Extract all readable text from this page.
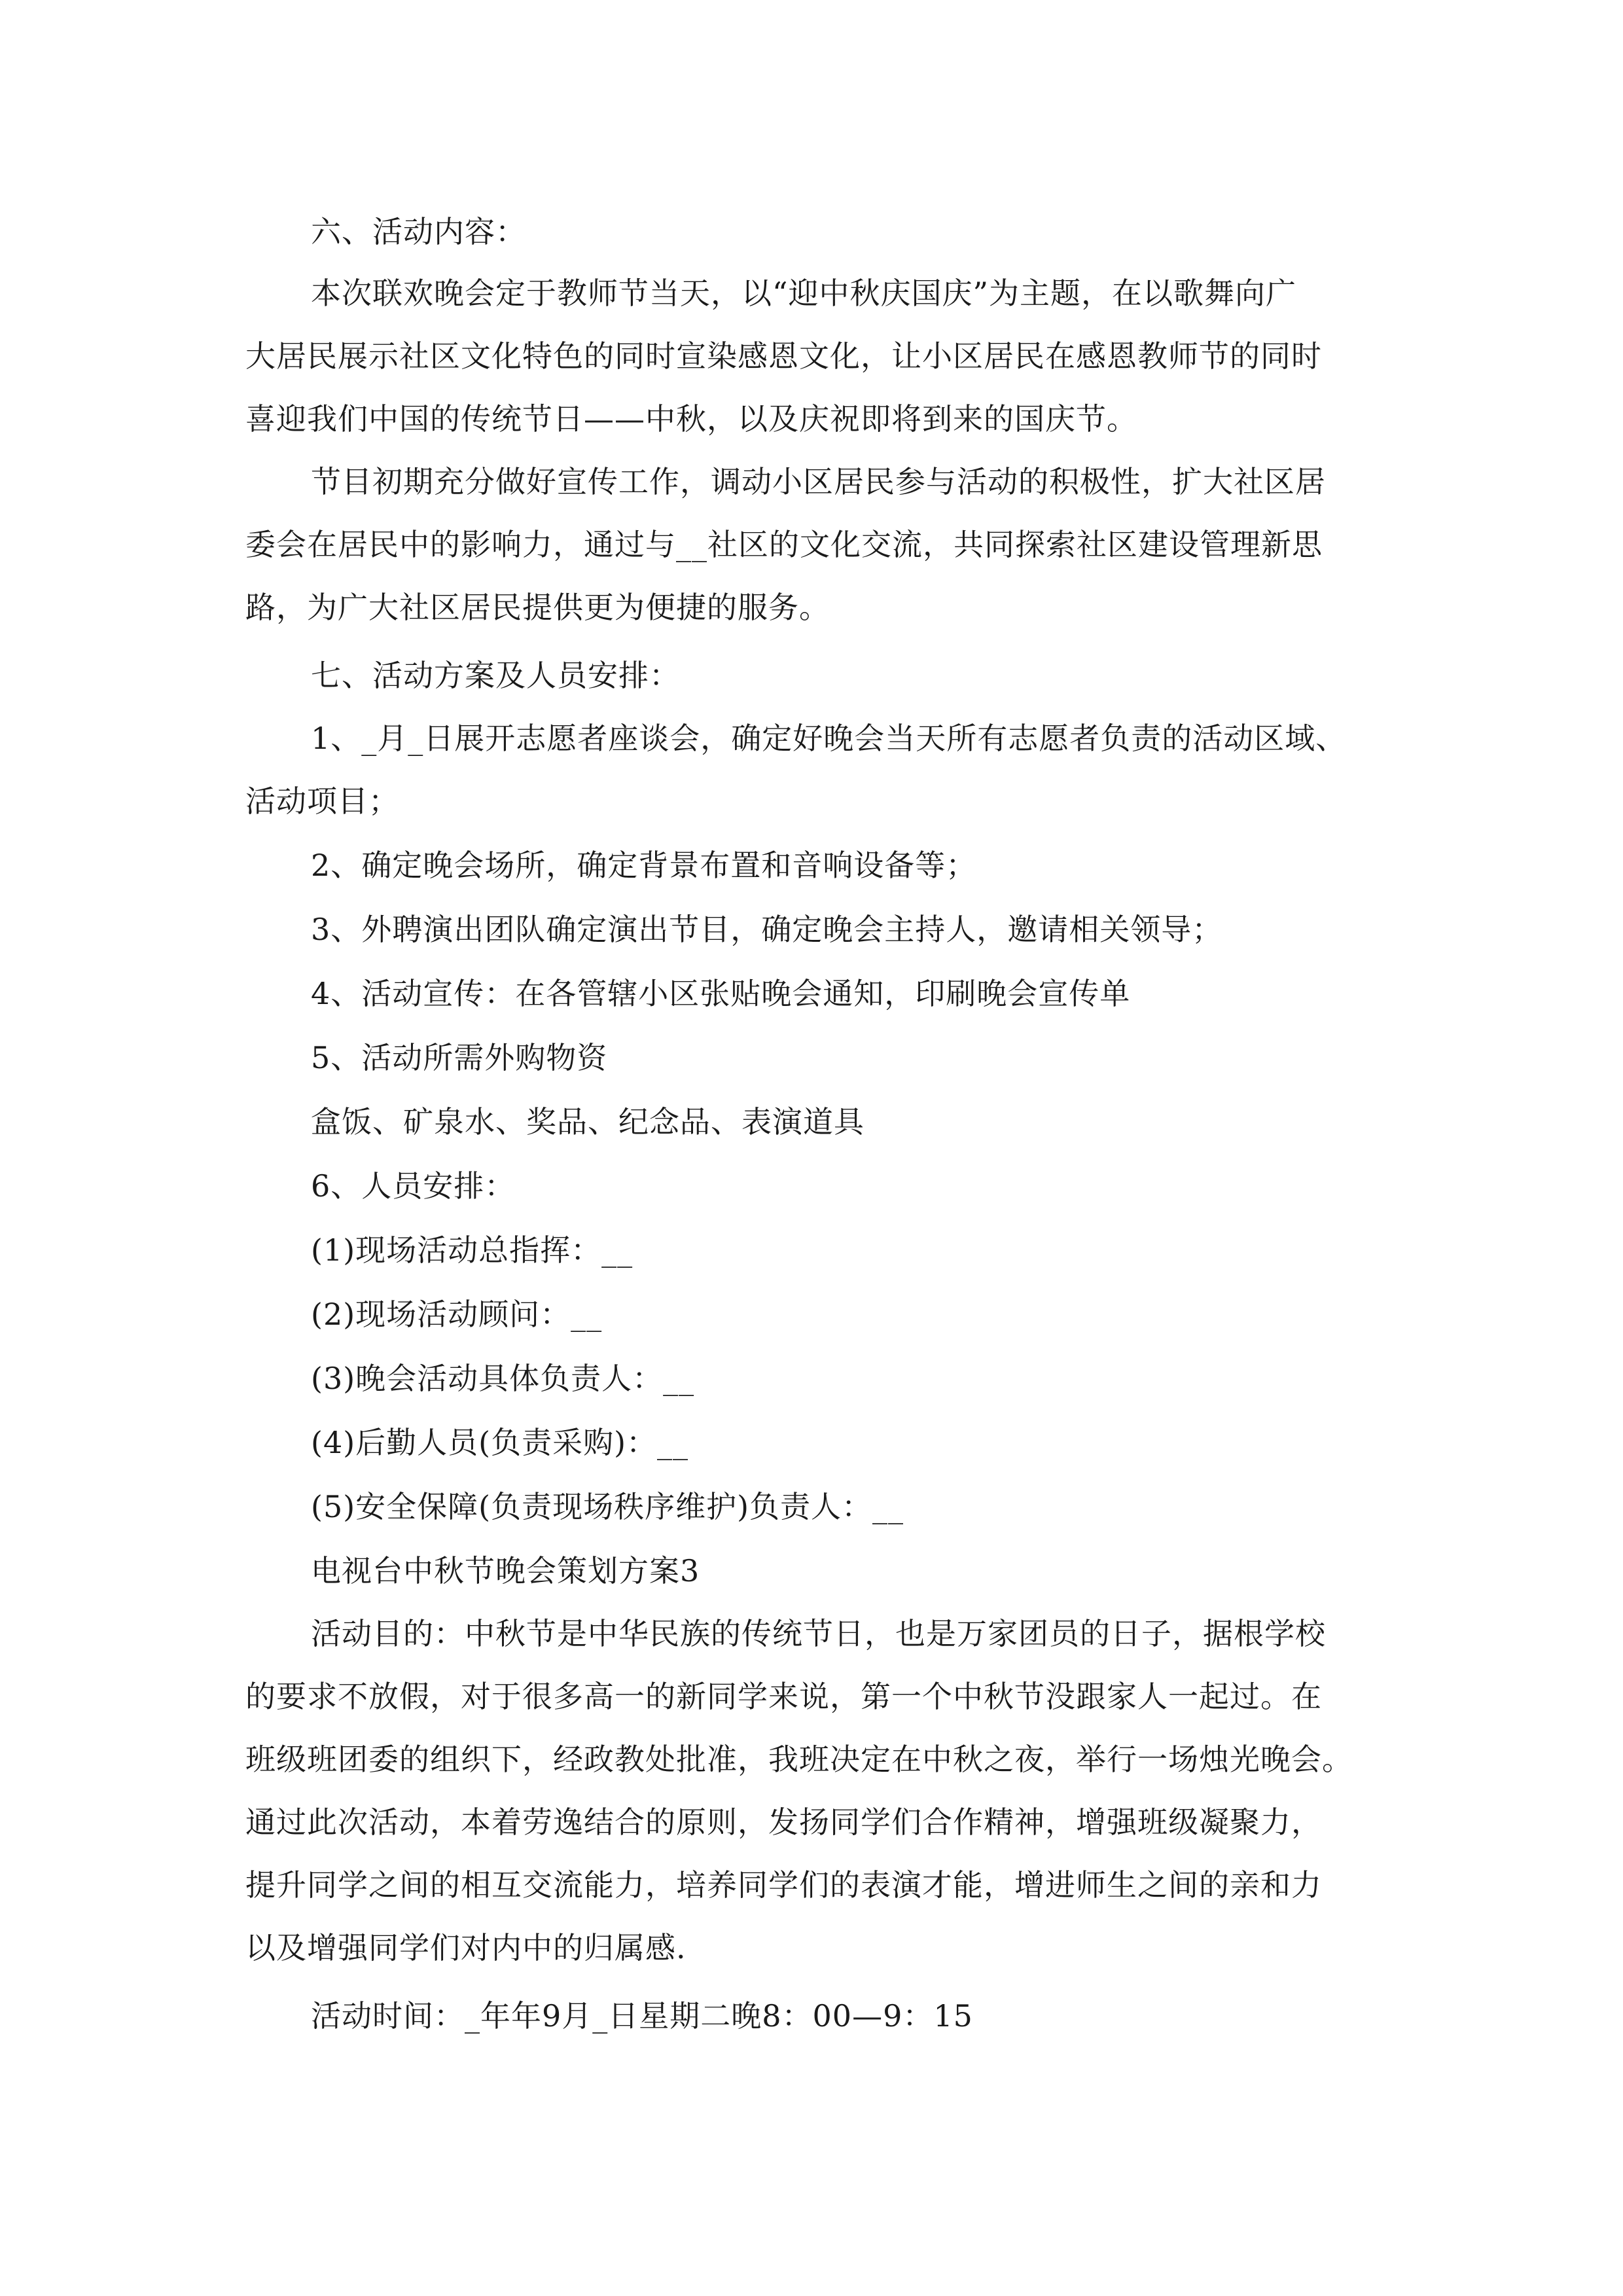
六、活动内容：
本次联欢晚会定于教师节当天，以“迎中秋庆国庆”为主题，在以歌舞向广
大居民展示社区文化特色的同时宣染感恩文化，让小区居民在感恩教师节的同时
喜迎我们中国的传统节日——中秋，以及庆祝即将到来的国庆节。
节目初期充分做好宣传工作，调动小区居民参与活动的积极性，扩大社区居
委会在居民中的影响力，通过与__社区的文化交流，共同探索社区建设管理新思
路，为广大社区居民提供更为便捷的服务。
七、活动方案及人员安排：
1、_月_日展开志愿者座谈会，确定好晚会当天所有志愿者负责的活动区域、
活动项目；
2、确定晚会场所，确定背景布置和音响设备等；
3、外聘演出团队确定演出节目，确定晚会主持人，邀请相关领导；
4、活动宣传：在各管辖小区张贴晚会通知，印刷晚会宣传单
5、活动所需外购物资
盒饭、矿泉水、奖品、纪念品、表演道具
6、人员安排：
(1)现场活动总指挥：__
(2)现场活动顾问：__
(3)晚会活动具体负责人：__
(4)后勤人员(负责采购)：__
(5)安全保障(负责现场秩序维护)负责人：__
电视台中秋节晚会策划方案3
活动目的：中秋节是中华民族的传统节日，也是万家团员的日子，据根学校
的要求不放假，对于很多高一的新同学来说，第一个中秋节没跟家人一起过。在
班级班团委的组织下，经政教处批准，我班决定在中秋之夜，举行一场烛光晚会。
通过此次活动，本着劳逸结合的原则，发扬同学们合作精神，增强班级凝聚力，
提升同学之间的相互交流能力，培养同学们的表演才能，增进师生之间的亲和力
以及增强同学们对内中的归属感.
活动时间：_年年9月_日星期二晚8：00—9：15
